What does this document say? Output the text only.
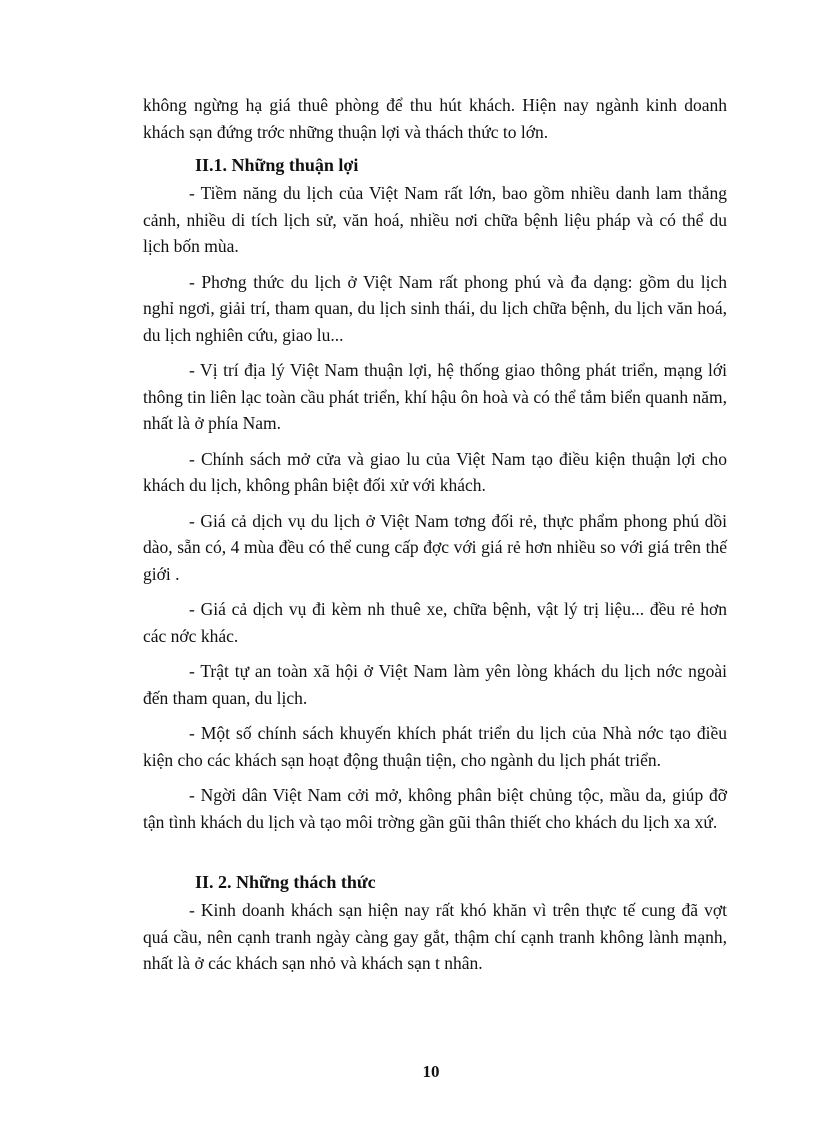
không ngừng hạ giá thuê phòng để thu hút khách. Hiện nay ngành kinh doanh khách sạn đứng trớc những thuận lợi và thách thức to lớn.

II.1. Những thuận lợi

- Tiềm năng du lịch của Việt Nam rất lớn, bao gồm nhiều danh lam thắng cảnh, nhiều di tích lịch sử, văn hoá, nhiều nơi chữa bệnh liệu pháp và có thể du lịch bốn mùa.

- Phơng thức du lịch ở Việt Nam rất phong phú và đa dạng: gồm du lịch nghỉ ngơi, giải trí, tham quan, du lịch sinh thái, du lịch chữa bệnh, du lịch văn hoá, du lịch nghiên cứu, giao lu...

- Vị trí địa lý Việt Nam thuận lợi, hệ thống giao thông phát triển, mạng lới thông tin liên lạc toàn cầu phát triển, khí hậu ôn hoà và có thể tắm biển quanh năm, nhất là ở phía Nam.

- Chính sách mở cửa và giao lu của Việt Nam tạo điều kiện thuận lợi cho khách du lịch, không phân biệt đối xử với khách.

- Giá cả dịch vụ du lịch ở Việt Nam tơng đối rẻ, thực phẩm phong phú dồi dào, sẵn có, 4 mùa đều có thể cung cấp đợc với giá rẻ hơn nhiều so với giá trên thế giới .

- Giá cả dịch vụ đi kèm nh thuê xe, chữa bệnh, vật lý trị liệu... đều rẻ hơn các nớc khác.

- Trật tự an toàn xã hội ở Việt Nam làm yên lòng khách du lịch nớc ngoài đến tham quan, du lịch.

- Một số chính sách khuyến khích phát triển du lịch của Nhà nớc tạo điều kiện cho các khách sạn hoạt động thuận tiện, cho ngành du lịch phát triển.

- Ngời dân Việt Nam cởi mở, không phân biệt chủng tộc, mầu da, giúp đỡ tận tình khách du lịch và tạo môi trờng gần gũi thân thiết cho khách du lịch xa xứ.

II. 2. Những thách thức

- Kinh doanh khách sạn hiện nay rất khó khăn vì trên thực tế cung đã vợt quá cầu, nên cạnh tranh ngày càng gay gắt, thậm chí cạnh tranh không lành mạnh, nhất là ở các khách sạn nhỏ và khách sạn t nhân.

10
